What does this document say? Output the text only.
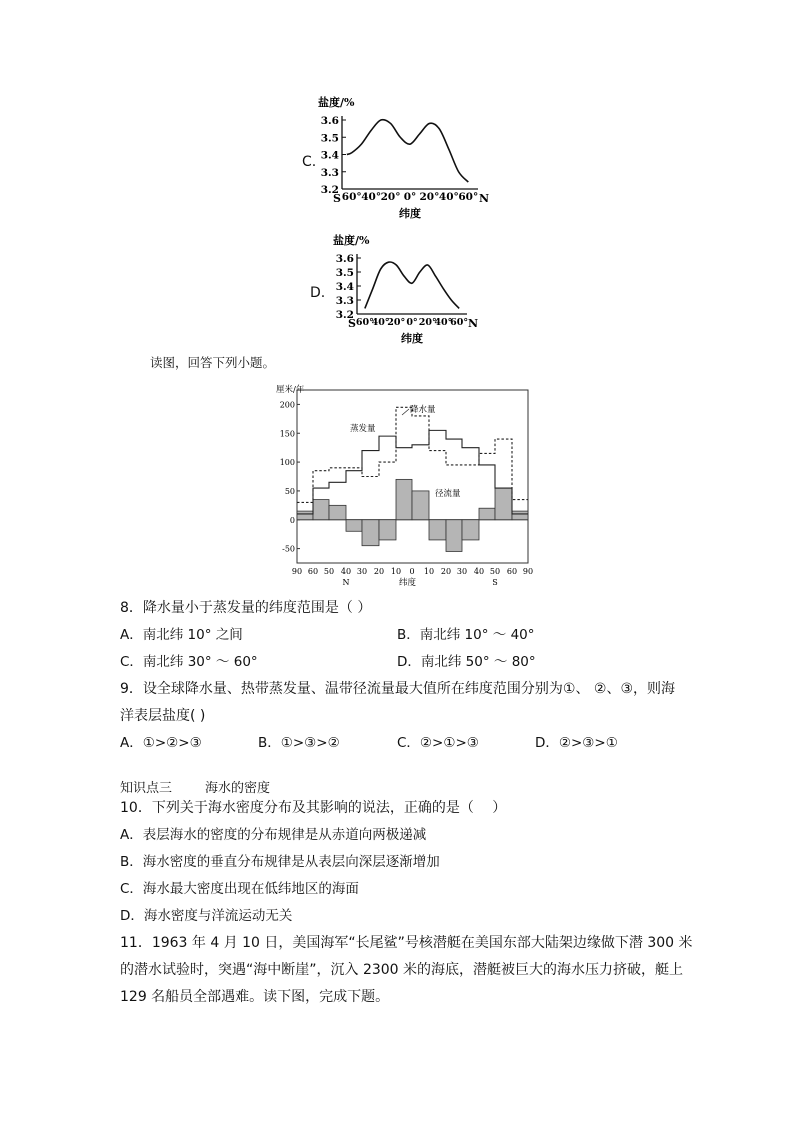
C.
盐度/%
3.6
3.5
3.4
3.3
3.2
60° 40° 20° 0° 20° 40° 60°
S	N
纬度
D.
盐度/%
3.6
3.5
3.4
3.3
3.2
60°
40°
20° 0° 20°
40°
60°
S	N
纬度
读图，回答下列小题。
厘米/年
200
150
100
50
0
-50
降水量
蒸发量
径流量
90 60 50 40 30 20 10 0 10 20 30 40 50 60 90
N	纬度	S
8．降水量小于蒸发量的纬度范围是（ ）
A．南北纬 10° 之间	B．南北纬 10° ～ 40°
C．南北纬 30° ～ 60°	D．南北纬 50° ～ 80°
9．设全球降水量、热带蒸发量、温带径流量最大值所在纬度范围分别为①、 ②、③，则海
洋表层盐度( )
A．①>②>③	B．①>③>②	C．②>①>③	D．②>③>①
知识点三	海水的密度
10．下列关于海水密度分布及其影响的说法，正确的是（　 ）
A．表层海水的密度的分布规律是从赤道向两极递减
B．海水密度的垂直分布规律是从表层向深层逐渐增加
C．海水最大密度出现在低纬地区的海面
D．海水密度与洋流运动无关
11．1963 年 4 月 10 日，美国海军“长尾鲨”号核潜艇在美国东部大陆架边缘做下潜 300 米
的潜水试验时，突遇“海中断崖”，沉入 2300 米的海底，潜艇被巨大的海水压力挤破，艇上
129 名船员全部遇难。读下图，完成下题。
